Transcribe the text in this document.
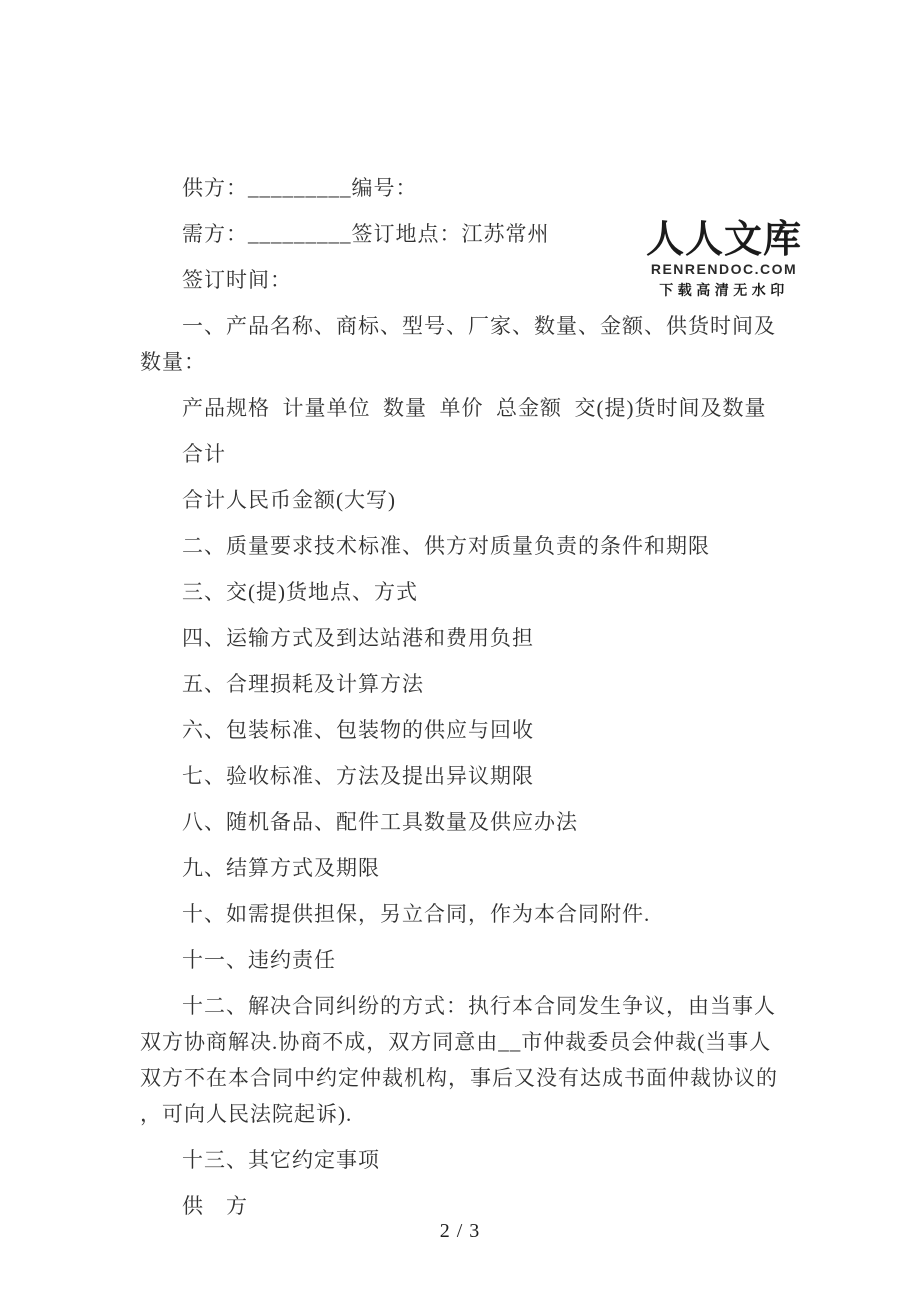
供方：_________编号：
需方：_________签订地点：江苏常州
签订时间：
一、产品名称、商标、型号、厂家、数量、金额、供货时间及
数量：
产品规格  计量单位  数量  单价  总金额  交(提)货时间及数量
合计
合计人民币金额(大写)
二、质量要求技术标准、供方对质量负责的条件和期限
三、交(提)货地点、方式
四、运输方式及到达站港和费用负担
五、合理损耗及计算方法
六、包装标准、包装物的供应与回收
七、验收标准、方法及提出异议期限
八、随机备品、配件工具数量及供应办法
九、结算方式及期限
十、如需提供担保，另立合同，作为本合同附件.
十一、违约责任
十二、解决合同纠纷的方式：执行本合同发生争议，由当事人
双方协商解决.协商不成，双方同意由__市仲裁委员会仲裁(当事人
双方不在本合同中约定仲裁机构，事后又没有达成书面仲裁协议的
，可向人民法院起诉).
十三、其它约定事项
供　方
人人文库
RENRENDOC.COM
下载高清无水印
2 / 3
